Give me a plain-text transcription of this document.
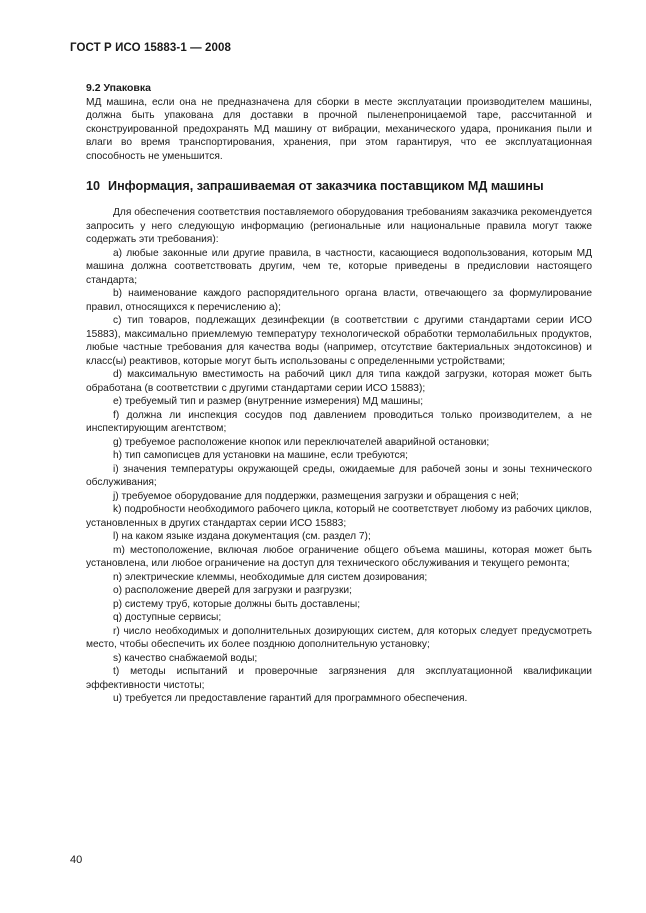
ГОСТ Р ИСО 15883-1 — 2008
9.2 Упаковка

МД машина, если она не предназначена для сборки в месте эксплуатации производителем машины, должна быть упакована для доставки в прочной пыленепроницаемой таре, рассчитанной и сконструированной предохранять МД машину от вибрации, механического удара, проникания пыли и влаги во время транспортирования, хранения, при этом гарантируя, что ее эксплуатационная способность не уменьшится.

10 Информация, запрашиваемая от заказчика поставщиком МД машины

Для обеспечения соответствия поставляемого оборудования требованиям заказчика рекомендуется запросить у него следующую информацию (региональные или национальные правила могут также содержать эти требования):

a) любые законные или другие правила, в частности, касающиеся водопользования, которым МД машина должна соответствовать другим, чем те, которые приведены в предисловии настоящего стандарта;

b) наименование каждого распорядительного органа власти, отвечающего за формулирование правил, относящихся к перечислению a);

c) тип товаров, подлежащих дезинфекции (в соответствии с другими стандартами серии ИСО 15883), максимально приемлемую температуру технологической обработки термолабильных продуктов, любые частные требования для качества воды (например, отсутствие бактериальных эндотоксинов) и класс(ы) реактивов, которые могут быть использованы с определенными устройствами;

d) максимальную вместимость на рабочий цикл для типа каждой загрузки, которая может быть обработана (в соответствии с другими стандартами серии ИСО 15883);

e) требуемый тип и размер (внутренние измерения) МД машины;

f) должна ли инспекция сосудов под давлением проводиться только производителем, а не инспектирующим агентством;

g) требуемое расположение кнопок или переключателей аварийной остановки;

h) тип самописцев для установки на машине, если требуются;

i) значения температуры окружающей среды, ожидаемые для рабочей зоны и зоны технического обслуживания;

j) требуемое оборудование для поддержки, размещения загрузки и обращения с ней;

k) подробности необходимого рабочего цикла, который не соответствует любому из рабочих циклов, установленных в других стандартах серии ИСО 15883;

l) на каком языке издана документация (см. раздел 7);

m) местоположение, включая любое ограничение общего объема машины, которая может быть установлена, или любое ограничение на доступ для технического обслуживания и текущего ремонта;

n) электрические клеммы, необходимые для систем дозирования;

o) расположение дверей для загрузки и разгрузки;

p) систему труб, которые должны быть доставлены;

q) доступные сервисы;

r) число необходимых и дополнительных дозирующих систем, для которых следует предусмотреть место, чтобы обеспечить их более позднюю дополнительную установку;

s) качество снабжаемой воды;

t) методы испытаний и проверочные загрязнения для эксплуатационной квалификации эффективности чистоты;

u) требуется ли предоставление гарантий для программного обеспечения.

40
